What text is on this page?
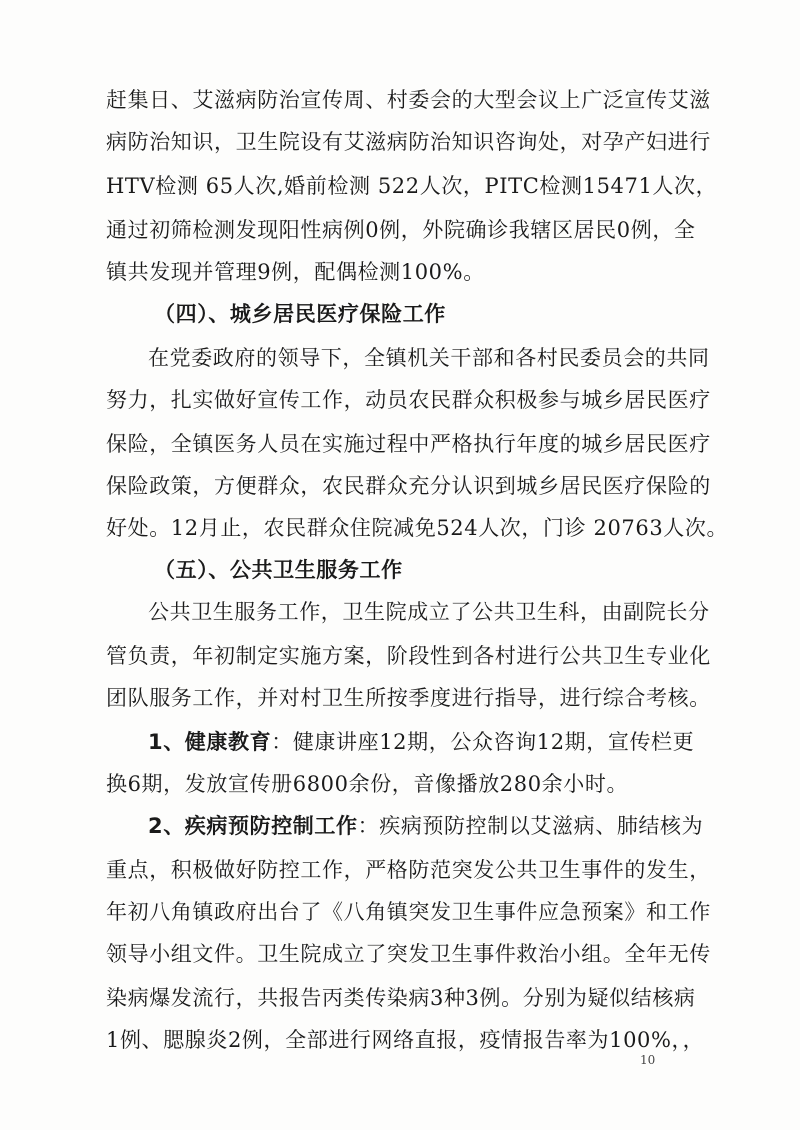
赶集日、艾滋病防治宣传周、村委会的大型会议上广泛宣传艾滋
病防治知识，卫生院设有艾滋病防治知识咨询处，对孕产妇进行
HTV检测 65人次,婚前检测 522人次，PITC检测15471人次，
通过初筛检测发现阳性病例0例，外院确诊我辖区居民0例，全
镇共发现并管理9例，配偶检测100%。
（四）、城乡居民医疗保险工作
在党委政府的领导下，全镇机关干部和各村民委员会的共同
努力，扎实做好宣传工作，动员农民群众积极参与城乡居民医疗
保险，全镇医务人员在实施过程中严格执行年度的城乡居民医疗
保险政策，方便群众，农民群众充分认识到城乡居民医疗保险的
好处。12月止，农民群众住院减免524人次，门诊 20763人次。
（五）、公共卫生服务工作
公共卫生服务工作，卫生院成立了公共卫生科，由副院长分
管负责，年初制定实施方案，阶段性到各村进行公共卫生专业化
团队服务工作，并对村卫生所按季度进行指导，进行综合考核。
1、健康教育：健康讲座12期，公众咨询12期，宣传栏更
换6期，发放宣传册6800余份，音像播放280余小时。
2、疾病预防控制工作：疾病预防控制以艾滋病、肺结核为
重点，积极做好防控工作，严格防范突发公共卫生事件的发生，
年初八角镇政府出台了《八角镇突发卫生事件应急预案》和工作
领导小组文件。卫生院成立了突发卫生事件救治小组。全年无传
染病爆发流行，共报告丙类传染病3种3例。分别为疑似结核病
1例、腮腺炎2例，全部进行网络直报，疫情报告率为100%，，
10
